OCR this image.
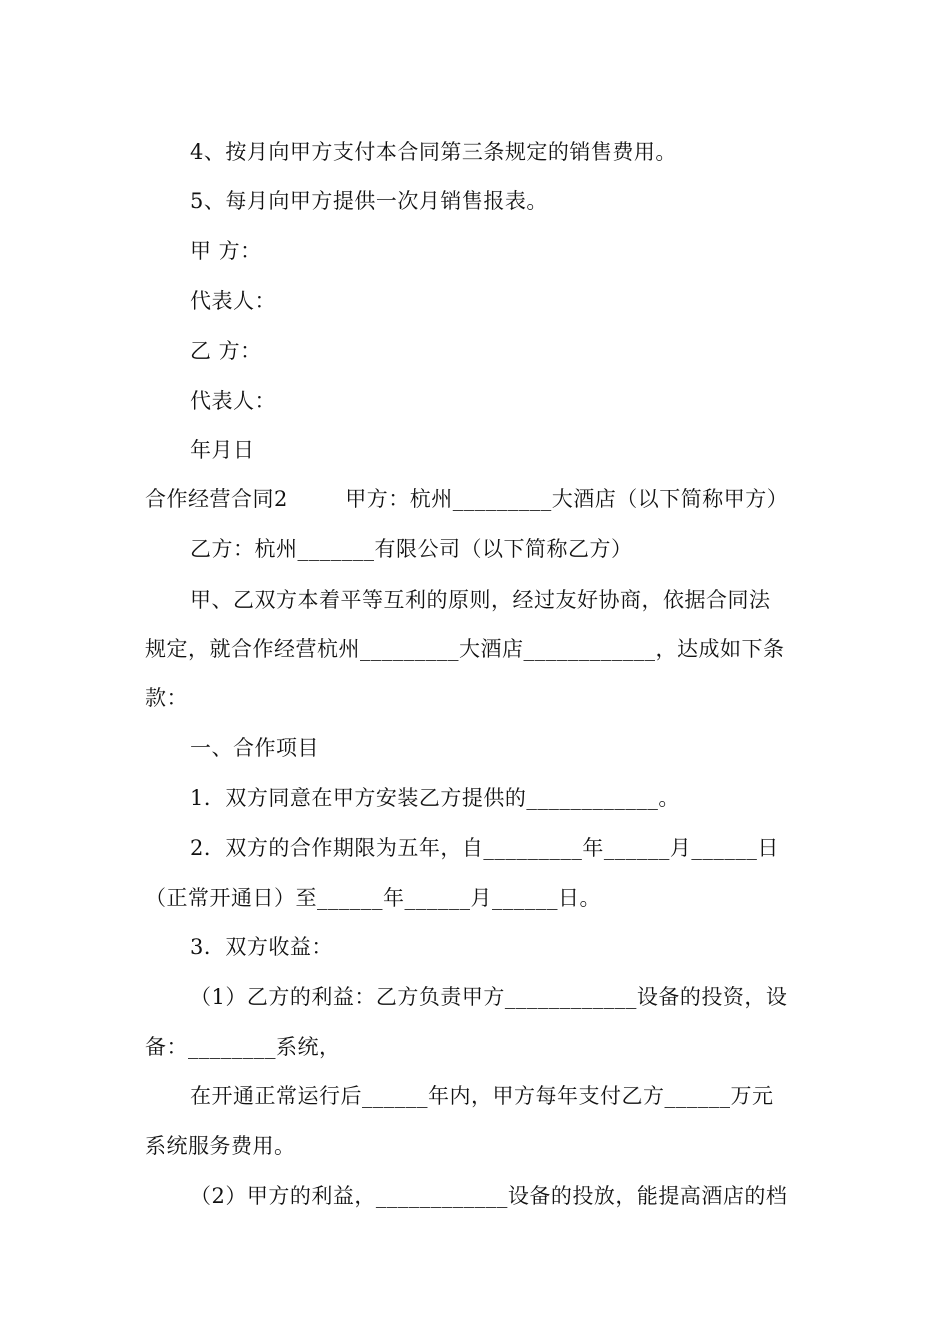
4、按月向甲方支付本合同第三条规定的销售费用。
5、每月向甲方提供一次月销售报表。
甲 方：
代表人：
乙 方：
代表人：
年月日
合作经营合同2        甲方：杭州_________大酒店（以下简称甲方）
乙方：杭州_______有限公司（以下简称乙方）
甲、乙双方本着平等互利的原则，经过友好协商，依据合同法
规定，就合作经营杭州_________大酒店____________，达成如下条
款：
一、合作项目
1．双方同意在甲方安装乙方提供的____________。
2．双方的合作期限为五年，自_________年______月______日
（正常开通日）至______年______月______日。
3．双方收益：
（1）乙方的利益：乙方负责甲方____________设备的投资，设
备：________系统，
在开通正常运行后______年内，甲方每年支付乙方______万元
系统服务费用。
（2）甲方的利益，____________设备的投放，能提高酒店的档
